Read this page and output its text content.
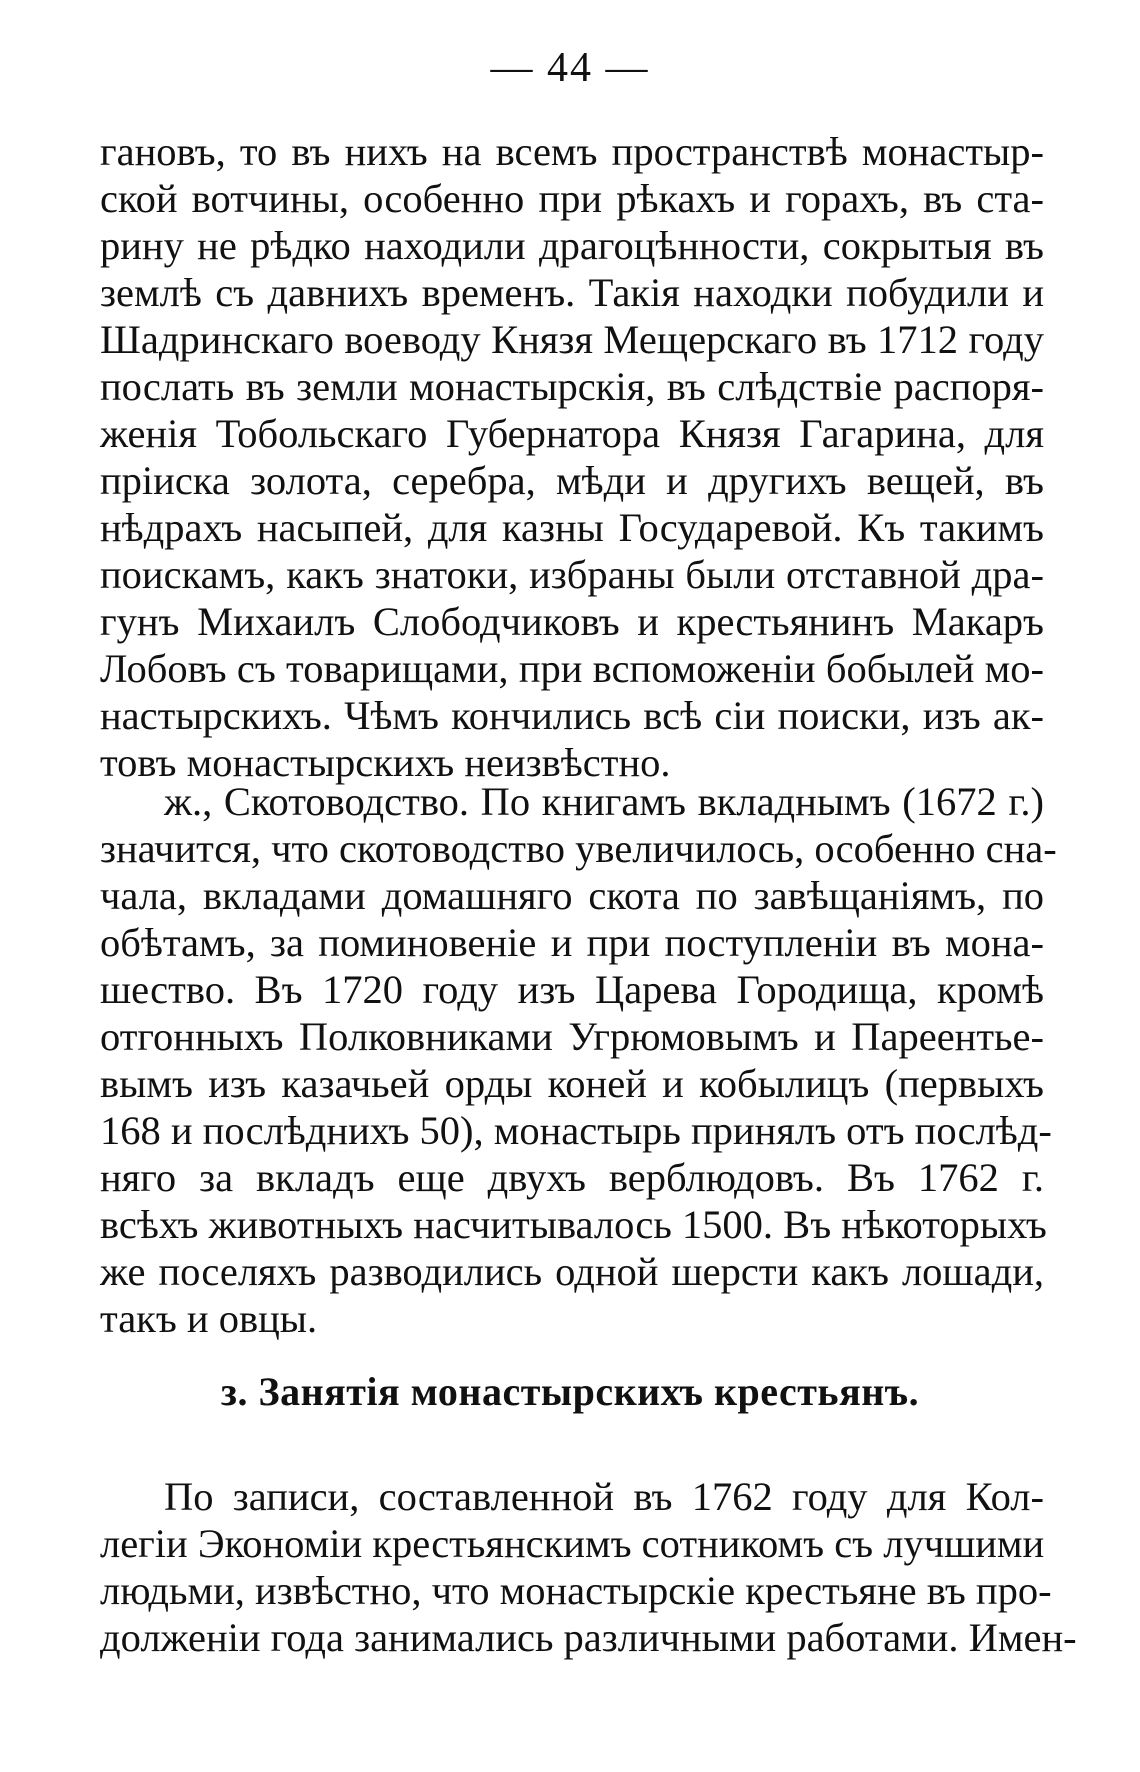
— 44 —
гановъ, то въ нихъ на всемъ пространствѣ монастыр-
ской вотчины, особенно при рѣкахъ и горахъ, въ ста-
рину не рѣдко находили драгоцѣнности, сокрытыя въ
землѣ съ давнихъ временъ. Такія находки побудили и
Шадринскаго воеводу Князя Мещерскаго въ 1712 году
послать въ земли монастырскія, въ слѣдствіе распоря-
женія Тобольскаго Губернатора Князя Гагарина, для
пріиска золота, серебра, мѣди и другихъ вещей, въ
нѣдрахъ насыпей, для казны Государевой. Къ такимъ
поискамъ, какъ знатоки, избраны были отставной дра-
гунъ Михаилъ Слободчиковъ и крестьянинъ Макаръ
Лобовъ съ товарищами, при вспоможеніи бобылей мо-
настырскихъ. Чѣмъ кончились всѣ сіи поиски, изъ ак-
товъ монастырскихъ неизвѣстно.
ж., Скотоводство. По книгамъ вкладнымъ (1672 г.)
значится, что скотоводство увеличилось, особенно сна-
чала, вкладами домашняго скота по завѣщаніямъ, по
обѣтамъ, за поминовеніе и при поступленіи въ мона-
шество. Въ 1720 году изъ Царева Городища, кромѣ
отгонныхъ Полковниками Угрюмовымъ и Пареентье-
вымъ изъ казачьей орды коней и кобылицъ (первыхъ
168 и послѣднихъ 50), монастырь принялъ отъ послѣд-
няго за вкладъ еще двухъ верблюдовъ. Въ 1762 г.
всѣхъ животныхъ насчитывалось 1500. Въ нѣкоторыхъ
же поселяхъ разводились одной шерсти какъ лошади,
такъ и овцы.
з. Занятія монастырскихъ крестьянъ.
По записи, составленной въ 1762 году для Кол-
легіи Экономіи крестьянскимъ сотникомъ съ лучшими
людьми, извѣстно, что монастырскіе крестьяне въ про-
долженіи года занимались различными работами. Имен-
